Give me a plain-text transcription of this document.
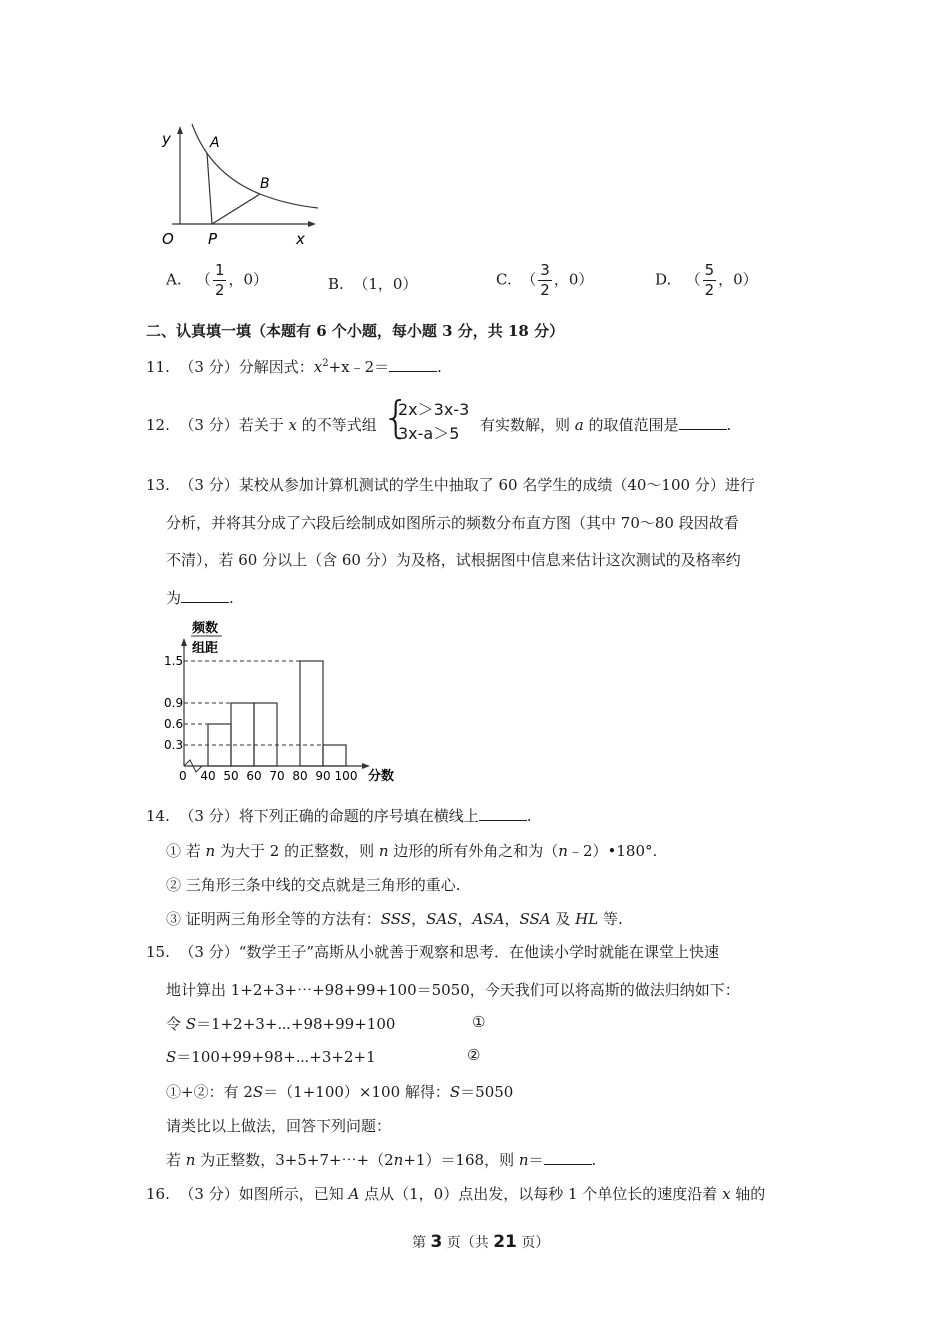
y	A
B
O P	x
A. （ $\frac{1}{2}$ ，0）	B. （1，0）	C. （ $\frac{3}{2}$ ，0）	D. （ $\frac{5}{2}$ ，0）
二、认真填一填（本题有 6 个小题，每小题 3 分，共 18 分）
11. （3 分）分解因式：$x^2+x﹣2=$	.
12. （3 分）若关于 x 的不等式组 {
2x＞3x-3
3x-a＞5	有实数解，则 a 的取值范围是	.
13. （3 分）某校从参加计算机测试的学生中抽取了 60 名学生的成绩（40～100 分）进行
分析，并将其分成了六段后绘制成如图所示的频数分布直方图（其中 70～80 段因故看
不清），若 60 分以上（含 60 分）为及格，试根据图中信息来估计这次测试的及格率约
为	.
频数
组距
0	分数
0.3
0.6
0.9
1.5
40 50 60 70 80 90 100
14. （3 分）将下列正确的命题的序号填在横线上	.
① 若 n 为大于 2 的正整数，则 n 边形的所有外角之和为（n﹣2）•180°.
② 三角形三条中线的交点就是三角形的重心.
③ 证明两三角形全等的方法有：SSS，SAS，ASA，SSA 及 HL 等.
15. （3 分）“数学王子”高斯从小就善于观察和思考．在他读小学时就能在课堂上快速
地计算出 1+2+3+⋯+98+99+100＝5050，今天我们可以将高斯的做法归纳如下：
令 S＝1+2+3+⋯+98+99+100	①
S＝100+99+98+⋯+3+2+1	②
①+②：有 2S＝（1+100）×100 解得：S＝5050
请类比以上做法，回答下列问题：
若 n 为正整数，3+5+7+⋯+（2n+1）＝168，则 n＝	.
16. （3 分）如图所示，已知 A 点从（1，0）点出发，以每秒 1 个单位长的速度沿着 x 轴的
第 3 页（共 21 页）
